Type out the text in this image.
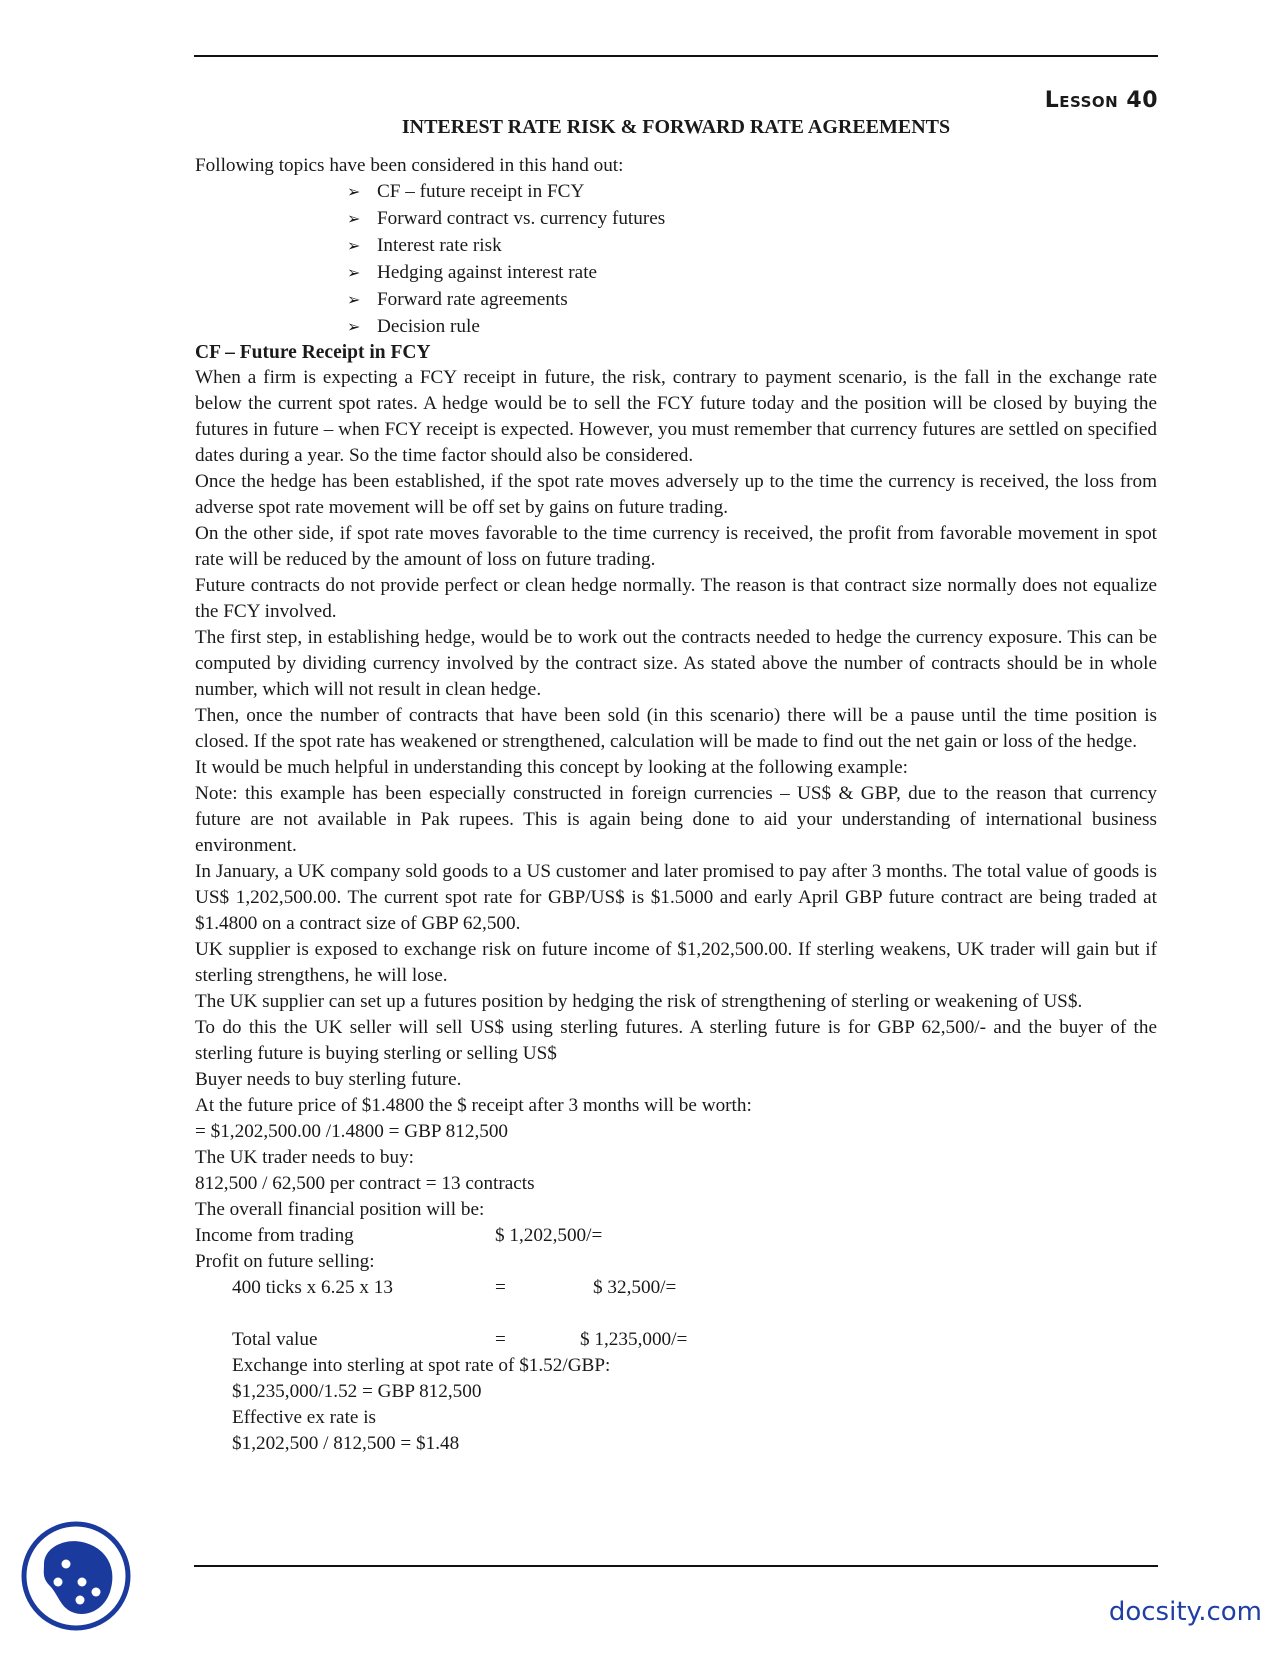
Lesson 40
INTEREST RATE RISK & FORWARD RATE AGREEMENTS

Following topics have been considered in this hand out:

➢ CF – future receipt in FCY
➢ Forward contract vs. currency futures
➢ Interest rate risk
➢ Hedging against interest rate
➢ Forward rate agreements
➢ Decision rule
CF – Future Receipt in FCY

When a firm is expecting a FCY receipt in future, the risk, contrary to payment scenario, is the fall in the exchange rate below the current spot rates. A hedge would be to sell the FCY future today and the position will be closed by buying the futures in future – when FCY receipt is expected. However, you must remember that currency futures are settled on specified dates during a year. So the time factor should also be considered.

Once the hedge has been established, if the spot rate moves adversely up to the time the currency is received, the loss from adverse spot rate movement will be off set by gains on future trading.

On the other side, if spot rate moves favorable to the time currency is received, the profit from favorable movement in spot rate will be reduced by the amount of loss on future trading.

Future contracts do not provide perfect or clean hedge normally. The reason is that contract size normally does not equalize the FCY involved.

The first step, in establishing hedge, would be to work out the contracts needed to hedge the currency exposure. This can be computed by dividing currency involved by the contract size. As stated above the number of contracts should be in whole number, which will not result in clean hedge.

Then, once the number of contracts that have been sold (in this scenario) there will be a pause until the time position is closed. If the spot rate has weakened or strengthened, calculation will be made to find out the net gain or loss of the hedge.

It would be much helpful in understanding this concept by looking at the following example:

Note: this example has been especially constructed in foreign currencies – US$ & GBP, due to the reason that currency future are not available in Pak rupees. This is again being done to aid your understanding of international business environment.

In January, a UK company sold goods to a US customer and later promised to pay after 3 months. The total value of goods is US$ 1,202,500.00. The current spot rate for GBP/US$ is $1.5000 and early April GBP future contract are being traded at $1.4800 on a contract size of GBP 62,500.

UK supplier is exposed to exchange risk on future income of $1,202,500.00. If sterling weakens, UK trader will gain but if sterling strengthens, he will lose.

The UK supplier can set up a futures position by hedging the risk of strengthening of sterling or weakening of US$.

To do this the UK seller will sell US$ using sterling futures. A sterling future is for GBP 62,500/- and the buyer of the sterling future is buying sterling or selling US$

Buyer needs to buy sterling future.

At the future price of $1.4800 the $ receipt after 3 months will be worth:

= $1,202,500.00 /1.4800 = GBP 812,500

The UK trader needs to buy:

812,500 / 62,500 per contract = 13 contracts

The overall financial position will be:

Income from trading	$ 1,202,500/=

Profit on future selling:

400 ticks x 6.25 x 13	=	$ 32,500/=
Total value	=	$ 1,235,000/=

Exchange into sterling at spot rate of $1.52/GBP:

$1,235,000/1.52 = GBP 812,500

Effective ex rate is

$1,202,500 / 812,500 = $1.48

docsity.com
